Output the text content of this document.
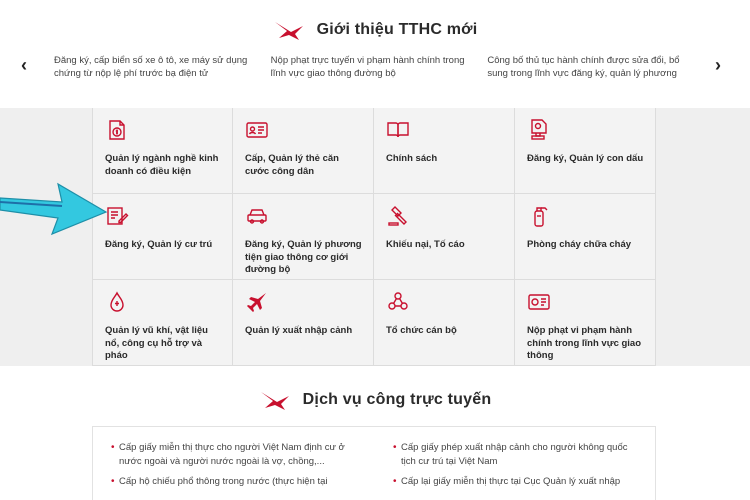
Giới thiệu TTHC mới
‹	Đăng ký, cấp biển số xe ô tô, xe máy sử dụng chứng từ nộp lệ phí trước bạ điện tử
Nộp phạt trực tuyến vi phạm hành chính trong lĩnh vực giao thông đường bộ
Công bố thủ tục hành chính được sửa đổi, bổ sung trong lĩnh vực đăng ký, quản lý phương	›
Quản lý ngành nghề kinh doanh có điều kiện
Cấp, Quản lý thẻ căn cước công dân
Chính sách	Đăng ký, Quản lý con dấu
Đăng ký, Quản lý cư trú	Đăng ký, Quản lý phương tiện giao thông cơ giới đường bộ
Khiếu nại, Tố cáo	Phòng cháy chữa cháy
Quản lý vũ khí, vật liệu nổ, công cụ hỗ trợ và pháo
Quản lý xuất nhập cảnh	Tổ chức cán bộ	Nộp phạt vi phạm hành chính trong lĩnh vực giao thông
Dịch vụ công trực tuyến
• Cấp giấy miễn thị thực cho người Việt Nam định cư ở nước ngoài và người nước ngoài là vợ, chồng,...
• Cấp hộ chiếu phổ thông trong nước (thực hiện tại
• Cấp giấy phép xuất nhập cảnh cho người không quốc tịch cư trú tại Việt Nam
• Cấp lại giấy miễn thị thực tại Cục Quản lý xuất nhập
